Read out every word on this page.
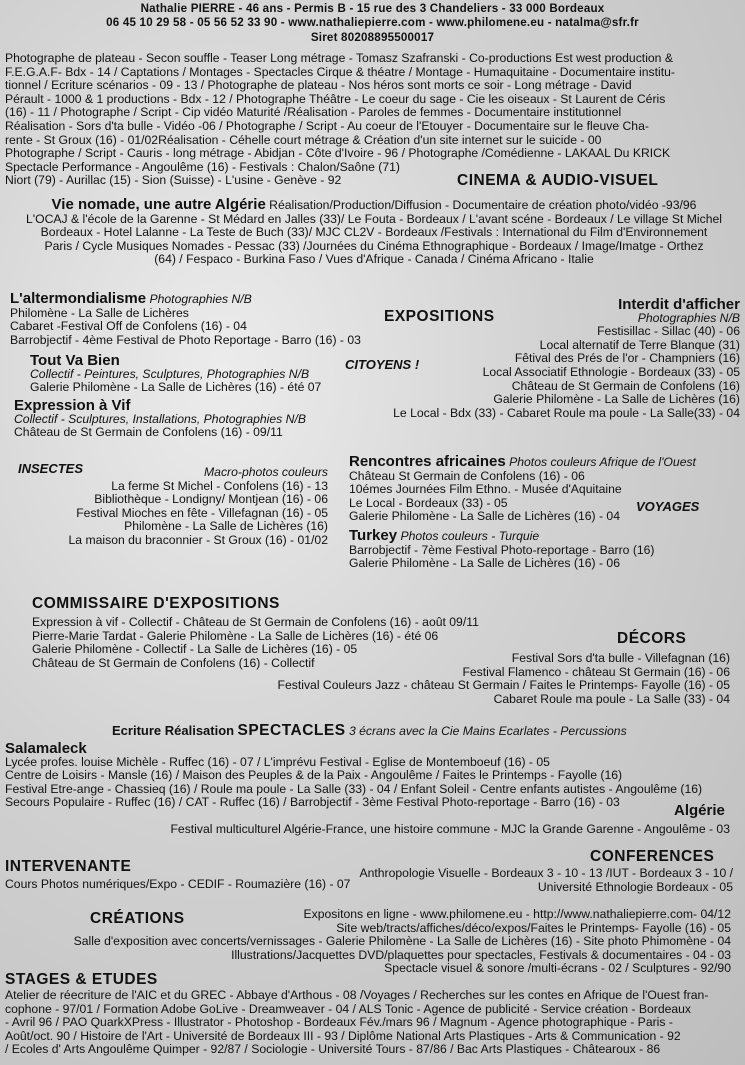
Nathalie PIERRE - 46 ans - Permis B - 15 rue des 3 Chandeliers - 33 000 Bordeaux
06 45 10 29 58 - 05 56 52 33 90 - www.nathaliepierre.com - www.philomene.eu - natalma@sfr.fr
Siret 80208895500017
Photographe de plateau - Secon souffle - Teaser Long métrage - Tomasz Szafranski - Co-productions Est west production &
F.E.G.A.F- Bdx - 14 / Captations / Montages - Spectacles Cirque & théatre / Montage - Humaquitaine - Documentaire institu-
tionnel / Ecriture scénarios - 09 - 13 / Photographe de plateau - Nos héros sont morts ce soir - Long métrage - David
Pérault - 1000 & 1 productions - Bdx - 12 / Photographe Théâtre - Le coeur du sage - Cie les oiseaux - St Laurent de Céris
(16) - 11 / Photographe / Script - Cip vidéo Maturité /Réalisation - Paroles de femmes - Documentaire institutionnel
Réalisation - Sors d'ta bulle - Vidéo -06 / Photographe / Script - Au coeur de l'Etouyer - Documentaire sur le fleuve Cha-
rente - St Groux (16) - 01/02Réalisation - Céhelle court métrage & Création d'un site internet sur le suicide - 00
Photographe / Script - Cauris - long métrage - Abidjan - Côte d'Ivoire - 96 / Photographe /Comédienne - LAKAAL Du KRICK
Spectacle Performance - Angoulême (16) - Festivals : Chalon/Saône (71)
Niort (79) - Aurillac (15) - Sion (Suisse) - L'usine - Genève - 92	CINEMA & AUDIO-VISUEL
Vie nomade, une autre Algérie Réalisation/Production/Diffusion - Documentaire de création photo/vidéo -93/96
L'OCAJ & l'école de la Garenne - St Médard en Jalles (33)/ Le Fouta - Bordeaux / L'avant scéne - Bordeaux / Le village St Michel
Bordeaux - Hotel Lalanne - La Teste de Buch (33)/ MJC CL2V - Bordeaux /Festivals : International du Film d'Environnement
Paris / Cycle Musiques Nomades - Pessac (33) /Journées du Cinéma Ethnographique - Bordeaux / Image/Imatge - Orthez
(64) / Fespaco - Burkina Faso / Vues d'Afrique - Canada / Cinéma Africano - Italie
L'altermondialisme Photographies N/B
Philomène - La Salle de Lichères
Cabaret -Festival Off de Confolens (16) - 04
Barrobjectif - 4ème Festival de Photo Reportage - Barro (16) - 03
EXPOSITIONS
CITOYENS !
Tout Va Bien
Collectif - Peintures, Sculptures, Photographies N/B
Galerie Philomène - La Salle de Lichères (16) - été 07
Expression à Vif
Collectif - Sculptures, Installations, Photographies N/B
Château de St Germain de Confolens (16) - 09/11
Interdit d'afficher
Photographies N/B
Festisillac - Sillac (40) - 06
Local alternatif de Terre Blanque (31)
Fêtival des Prés de l'or - Champniers (16)
Local Associatif Ethnologie - Bordeaux (33) - 05
Château de St Germain de Confolens (16)
Galerie Philomène - La Salle de Lichères (16)
Le Local - Bdx (33) - Cabaret Roule ma poule - La Salle(33) - 04
INSECTES	Macro-photos couleurs
La ferme St Michel - Confolens (16) - 13
Bibliothèque - Londigny/ Montjean (16) - 06
Festival Mioches en fête - Villefagnan (16) - 05
Philomène - La Salle de Lichères (16)
La maison du braconnier - St Groux (16) - 01/02
Rencontres africaines Photos couleurs Afrique de l'Ouest
Château St Germain de Confolens (16) - 06
10émes Journées Film Ethno. - Musée d'Aquitaine
Le Local - Bordeaux (33) - 05
Galerie Philomène - La Salle de Lichères (16) - 04
VOYAGES
Turkey Photos couleurs - Turquie
Barrobjectif - 7ème Festival Photo-reportage - Barro (16)
Galerie Philomène - La Salle de Lichères (16) - 06
COMMISSAIRE D'EXPOSITIONS
Expression à vif - Collectif - Château de St Germain de Confolens (16) - août 09/11
Pierre-Marie Tardat - Galerie Philomène - La Salle de Lichères (16) - été 06
Galerie Philomène - Collectif - La Salle de Lichères (16) - 05
Château de St Germain de Confolens (16) - Collectif
DÉCORS
Festival Sors d'ta bulle - Villefagnan (16)
Festival Flamenco - château St Germain (16) - 06
Festival Couleurs Jazz - château St Germain / Faites le Printemps- Fayolle (16) - 05
Cabaret Roule ma poule - La Salle (33) - 04
Ecriture Réalisation SPECTACLES 3 écrans avec la Cie Mains Ecarlates - Percussions
Salamaleck
Lycée profes. louise Michèle - Ruffec (16) - 07 / L'imprévu Festival - Eglise de Montemboeuf (16) - 05
Centre de Loisirs - Mansle (16) / Maison des Peuples & de la Paix - Angoulême / Faites le Printemps - Fayolle (16)
Festival Etre-ange - Chassieq (16) / Roule ma poule - La Salle (33) - 04 / Enfant Soleil - Centre enfants autistes - Angoulême (16)
Secours Populaire - Ruffec (16) / CAT - Ruffec (16) / Barrobjectif - 3ème Festival Photo-reportage - Barro (16) - 03	Algérie
Festival multiculturel Algérie-France, une histoire commune - MJC la Grande Garenne - Angoulême - 03
INTERVENANTE
Cours Photos numériques/Expo - CEDIF - Roumazière (16) - 07
CONFERENCES
Anthropologie Visuelle - Bordeaux 3 - 10 - 13 /IUT - Bordeaux 3 - 10 /
Université Ethnologie Bordeaux - 05
CRÉATIONS	Expositons en ligne - www.philomene.eu - http://www.nathaliepierre.com- 04/12
Site web/tracts/affiches/déco/expos/Faites le Printemps- Fayolle (16) - 05
Salle d'exposition avec concerts/vernissages - Galerie Philomène - La Salle de Lichères (16) - Site photo Phimomène - 04
Illustrations/Jacquettes DVD/plaquettes pour spectacles, Festivals & documentaires - 04 - 03
Spectacle visuel & sonore /multi-écrans - 02 / Sculptures - 92/90
STAGES & ETUDES
Atelier de réecriture de l'AIC et du GREC - Abbaye d'Arthous - 08 /Voyages / Recherches sur les contes en Afrique de l'Ouest fran-
cophone - 97/01 / Formation Adobe GoLive - Dreamweaver - 04 / ALS Tonic - Agence de publicité - Service création - Bordeaux
- Avril 96 / PAO QuarkXPress - Illustrator - Photoshop - Bordeaux Fév./mars 96 / Magnum - Agence photographique - Paris -
Août/oct. 90 / Histoire de l'Art - Université de Bordeaux III - 93 / Diplôme National Arts Plastiques - Arts & Communication - 92
/ Ecoles d' Arts Angoulême Quimper - 92/87 / Sociologie - Université Tours - 87/86 / Bac Arts Plastiques - Châtearoux - 86
